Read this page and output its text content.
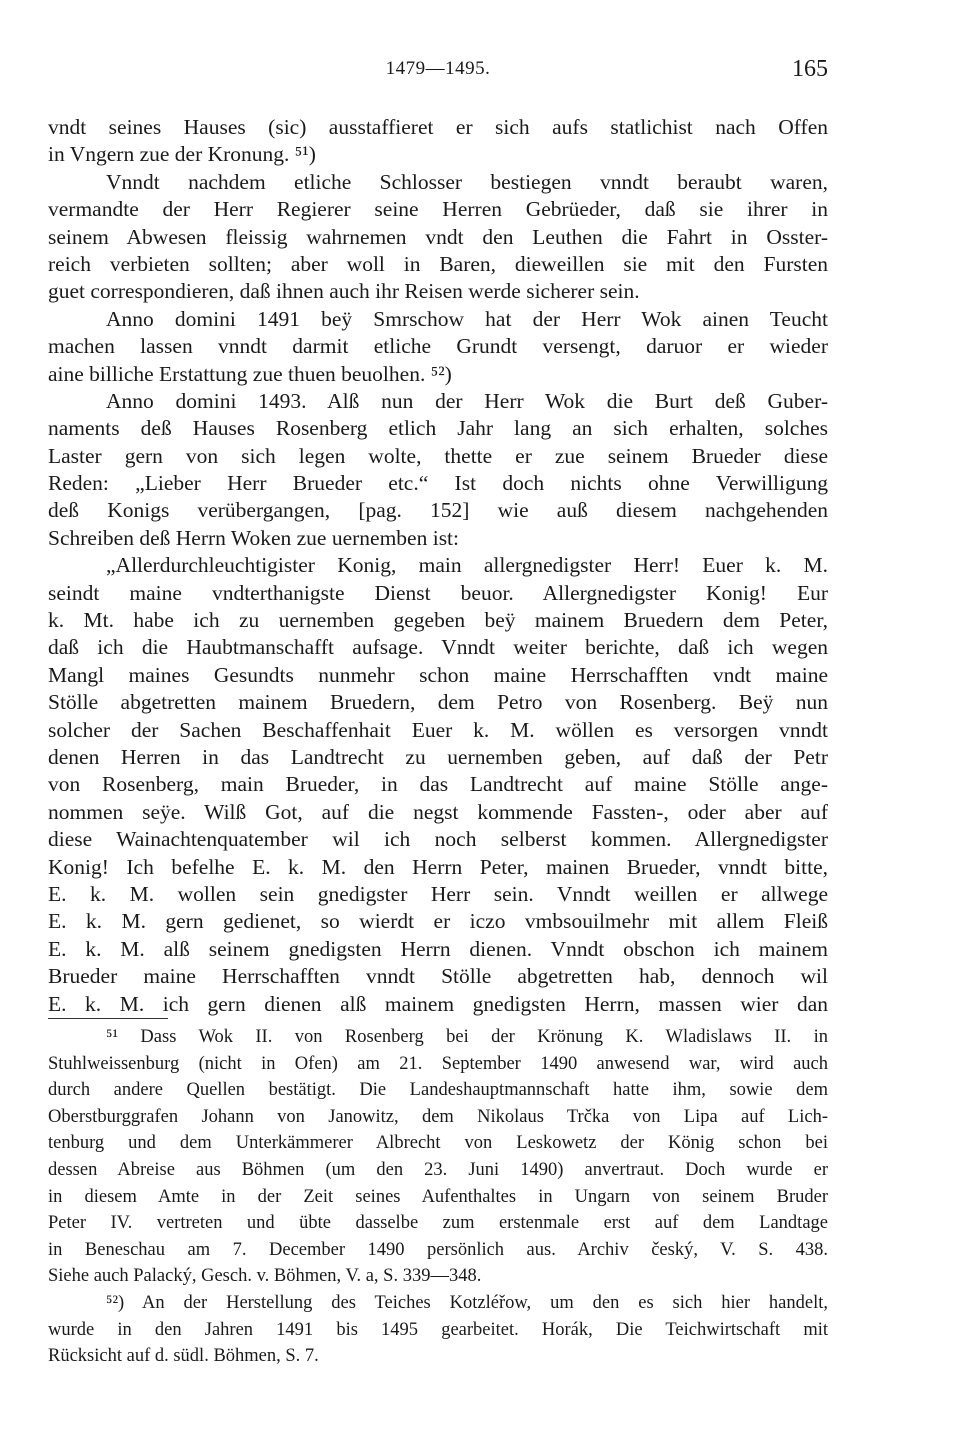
1479—1495.	165
vndt seines Hauses (sic) ausstaffieret er sich aufs statlichist nach Offen
in Vngern zue der Kronung. ⁵¹)
Vnndt nachdem etliche Schlosser bestiegen vnndt beraubt waren,
vermandte der Herr Regierer seine Herren Gebrüeder, daß sie ihrer in
seinem Abwesen fleissig wahrnemen vndt den Leuthen die Fahrt in Osster-
reich verbieten sollten; aber woll in Baren, dieweillen sie mit den Fursten
guet correspondieren, daß ihnen auch ihr Reisen werde sicherer sein.
Anno domini 1491 beÿ Smrschow hat der Herr Wok ainen Teucht
machen lassen vnndt darmit etliche Grundt versengt, daruor er wieder
aine billiche Erstattung zue thuen beuolhen. ⁵²)
Anno domini 1493. Alß nun der Herr Wok die Burt deß Guber-
naments deß Hauses Rosenberg etlich Jahr lang an sich erhalten, solches
Laster gern von sich legen wolte, thette er zue seinem Brueder diese
Reden: „Lieber Herr Brueder etc.“ Ist doch nichts ohne Verwilligung
deß Konigs verübergangen, [pag. 152] wie auß diesem nachgehenden
Schreiben deß Herrn Woken zue uernemben ist:
„Allerdurchleuchtigister Konig, main allergnedigster Herr! Euer k. M.
seindt maine vndterthanigste Dienst beuor. Allergnedigster Konig! Eur
k. Mt. habe ich zu uernemben gegeben beÿ mainem Bruedern dem Peter,
daß ich die Haubtmanschafft aufsage. Vnndt weiter berichte, daß ich wegen
Mangl maines Gesundts nunmehr schon maine Herrschafften vndt maine
Stölle abgetretten mainem Bruedern, dem Petro von Rosenberg. Beÿ nun
solcher der Sachen Beschaffenhait Euer k. M. wöllen es versorgen vnndt
denen Herren in das Landtrecht zu uernemben geben, auf daß der Petr
von Rosenberg, main Brueder, in das Landtrecht auf maine Stölle ange-
nommen seÿe. Wilß Got, auf die negst kommende Fassten-, oder aber auf
diese Wainachtenquatember wil ich noch selberst kommen. Allergnedigster
Konig! Ich befelhe E. k. M. den Herrn Peter, mainen Brueder, vnndt bitte,
E. k. M. wollen sein gnedigster Herr sein. Vnndt weillen er allwege
E. k. M. gern gedienet, so wierdt er iczo vmbsouilmehr mit allem Fleiß
E. k. M. alß seinem gnedigsten Herrn dienen. Vnndt obschon ich mainem
Brueder maine Herrschafften vnndt Stölle abgetretten hab, dennoch wil
E. k. M. ich gern dienen alß mainem gnedigsten Herrn, massen wier dan
⁵¹ Dass Wok II. von Rosenberg bei der Krönung K. Wladislaws II. in
Stuhlweissenburg (nicht in Ofen) am 21. September 1490 anwesend war, wird auch
durch andere Quellen bestätigt. Die Landeshauptmannschaft hatte ihm, sowie dem
Oberstburggrafen Johann von Janowitz, dem Nikolaus Trčka von Lipa auf Lich-
tenburg und dem Unterkämmerer Albrecht von Leskowetz der König schon bei
dessen Abreise aus Böhmen (um den 23. Juni 1490) anvertraut. Doch wurde er
in diesem Amte in der Zeit seines Aufenthaltes in Ungarn von seinem Bruder
Peter IV. vertreten und übte dasselbe zum erstenmale erst auf dem Landtage
in Beneschau am 7. December 1490 persönlich aus. Archiv český, V. S. 438.
Siehe auch Palacký, Gesch. v. Böhmen, V. a, S. 339—348.
⁵²) An der Herstellung des Teiches Kotzléřow, um den es sich hier handelt,
wurde in den Jahren 1491 bis 1495 gearbeitet. Horák, Die Teichwirtschaft mit
Rücksicht auf d. südl. Böhmen, S. 7.
